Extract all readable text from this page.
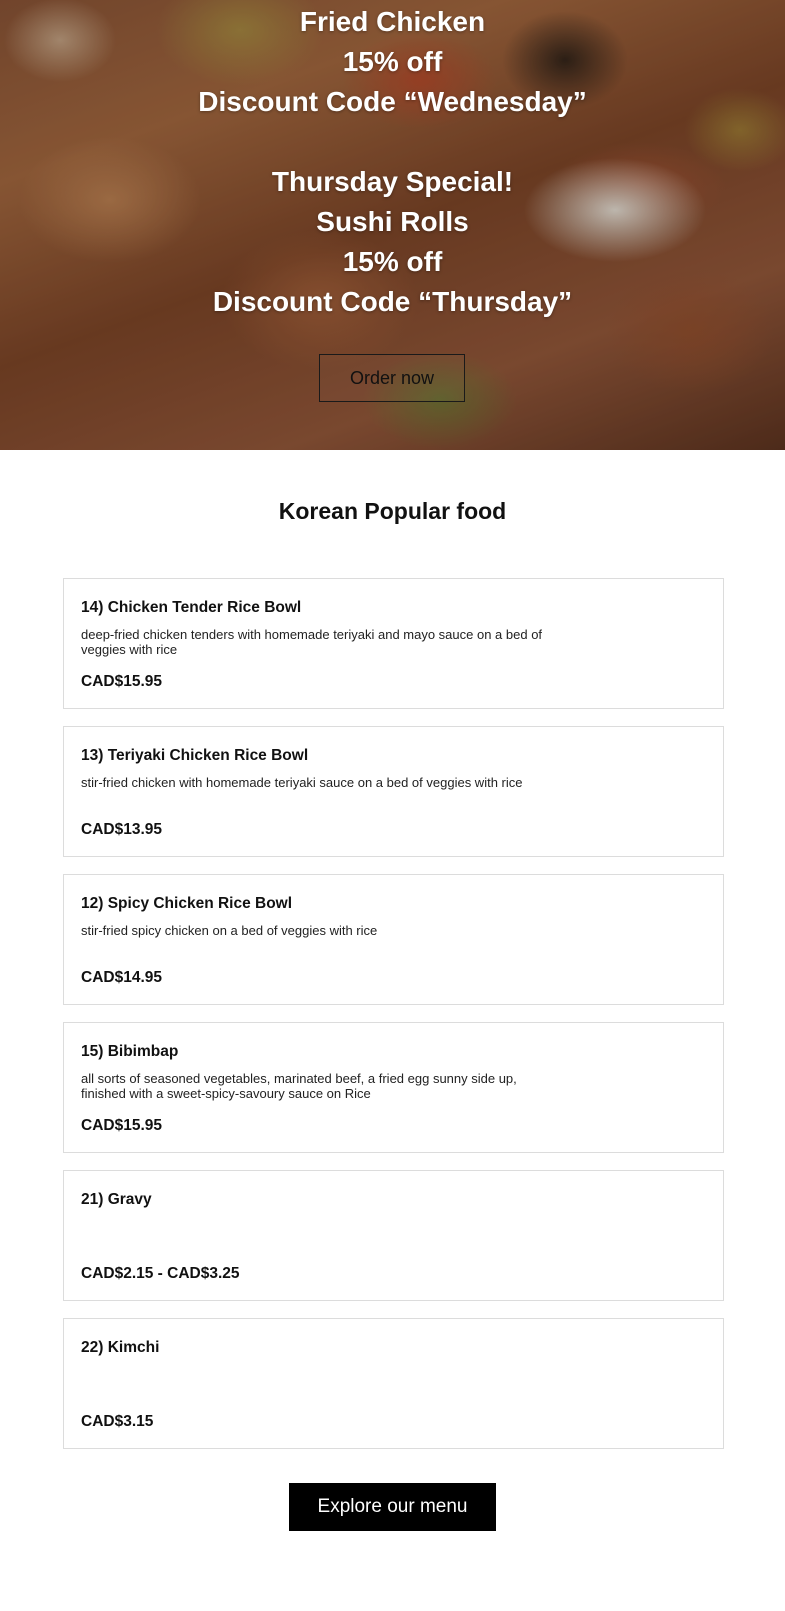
Fried Chicken
15% off
Discount Code “Wednesday”
Thursday Special!
Sushi Rolls
15% off
Discount Code “Thursday”
Order now
Korean Popular food
14) Chicken Tender Rice Bowl
deep-fried chicken tenders with homemade teriyaki and mayo sauce on a bed of veggies with rice
CAD$15.95
13) Teriyaki Chicken Rice Bowl
stir-fried chicken with homemade teriyaki sauce on a bed of veggies with rice
CAD$13.95
12) Spicy Chicken Rice Bowl
stir-fried spicy chicken on a bed of veggies with rice
CAD$14.95
15) Bibimbap
all sorts of seasoned vegetables, marinated beef, a fried egg sunny side up, finished with a sweet-spicy-savoury sauce on Rice
CAD$15.95
21) Gravy
CAD$2.15 - CAD$3.25
22) Kimchi
CAD$3.15
Explore our menu
